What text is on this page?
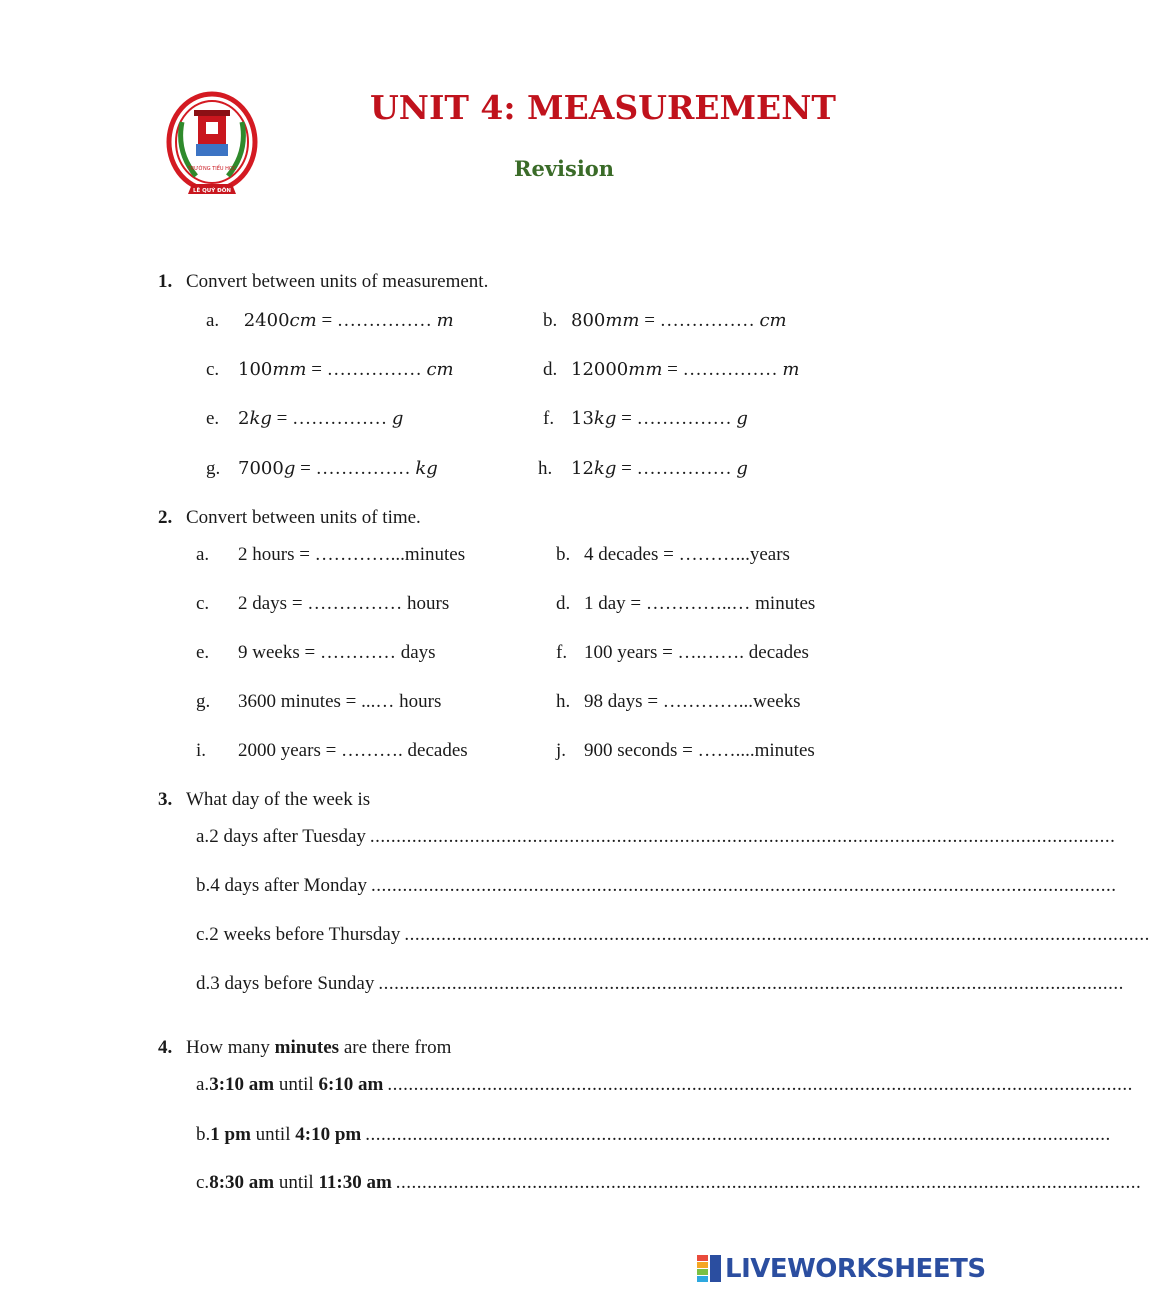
TRƯỜNG TIỂU HỌC
LÊ QUÝ ĐÔN
UNIT 4: MEASUREMENT
Revision
1. Convert between units of measurement.
a. 2400cm = …………… m	b. 800mm = …………… cm
c. 100mm = …………… cm	d. 12000mm = …………… m
e. 2kg = …………… g	f. 13kg = …………… g
g. 7000g = …………… kg	h. 12kg = …………… g
2. Convert between units of time.
a. 2 hours = …………...minutes	b. 4 decades = ………...years
c. 2 days = …………… hours	d. 1 day = …………..… minutes
e. 9 weeks = ………… days	f. 100 years = ….……. decades
g. 3600 minutes = ...… hours	h. 98 days = …………...weeks
i. 2000 years = ………. decades	j. 900 seconds = ……....minutes
3. What day of the week is
a. 2 days after Tuesday ..............................................................................................................................................
b. 4 days after Monday ..............................................................................................................................................
c. 2 weeks before Thursday ..............................................................................................................................................
d. 3 days before Sunday ..............................................................................................................................................
4. How many minutes are there from
a. 3:10 am until 6:10 am ..............................................................................................................................................
b. 1 pm until 4:10 pm ..............................................................................................................................................
c. 8:30 am until 11:30 am ..............................................................................................................................................
LIVEWORKSHEETS
